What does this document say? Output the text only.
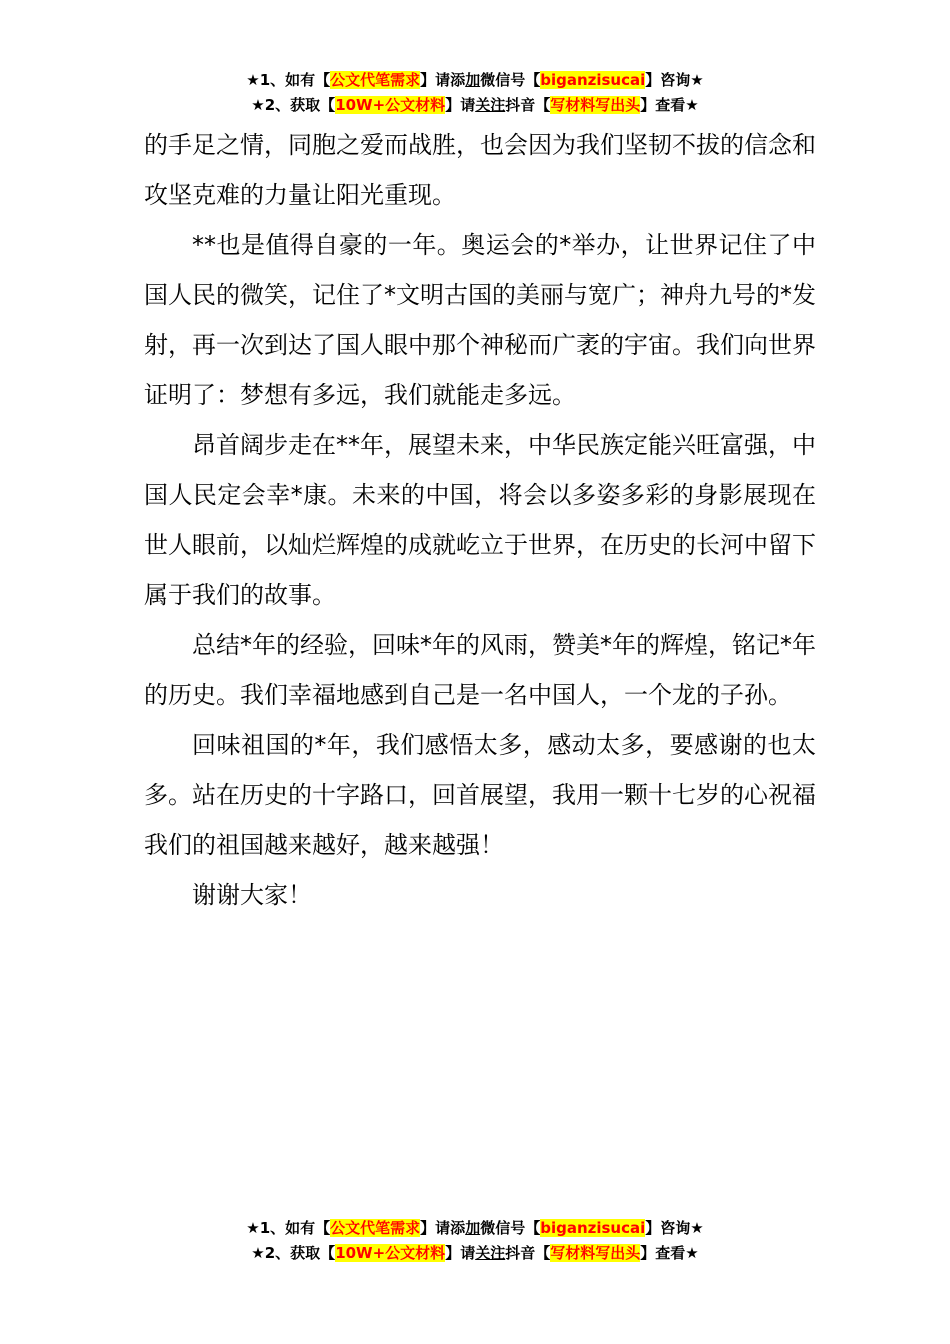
★1、如有【公文代笔需求】请添加微信号【biganzisucai】咨询★
★2、获取【10W+公文材料】请关注抖音【写材料写出头】查看★

的手足之情，同胞之爱而战胜，也会因为我们坚韧不拔的信念和攻坚克难的力量让阳光重现。

**也是值得自豪的一年。奥运会的*举办，让世界记住了中国人民的微笑，记住了*文明古国的美丽与宽广；神舟九号的*发射，再一次到达了国人眼中那个神秘而广袤的宇宙。我们向世界证明了：梦想有多远，我们就能走多远。

昂首阔步走在**年，展望未来，中华民族定能兴旺富强，中国人民定会幸*康。未来的中国，将会以多姿多彩的身影展现在世人眼前，以灿烂辉煌的成就屹立于世界，在历史的长河中留下属于我们的故事。

总结*年的经验，回味*年的风雨，赞美*年的辉煌，铭记*年的历史。我们幸福地感到自己是一名中国人，一个龙的子孙。

回味祖国的*年，我们感悟太多，感动太多，要感谢的也太多。站在历史的十字路口，回首展望，我用一颗十七岁的心祝福我们的祖国越来越好，越来越强！

谢谢大家！

★1、如有【公文代笔需求】请添加微信号【biganzisucai】咨询★
★2、获取【10W+公文材料】请关注抖音【写材料写出头】查看★
